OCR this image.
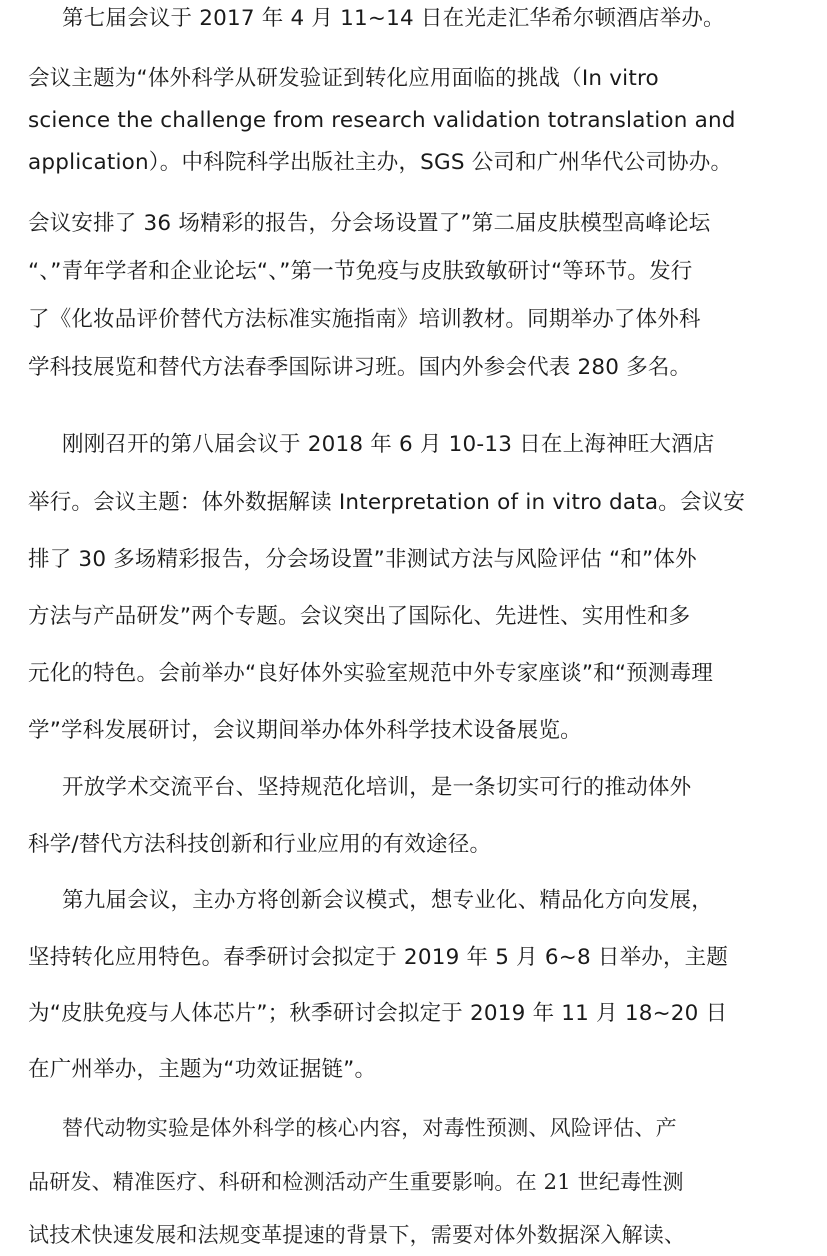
第七届会议于 2017 年 4 月 11~14 日在光走汇华希尔顿酒店举办。
会议主题为“体外科学从研发验证到转化应用面临的挑战（In vitro
science the challenge from research validation totranslation and
application）。中科院科学出版社主办，SGS 公司和广州华代公司协办。
会议安排了 36 场精彩的报告，分会场设置了”第二届皮肤模型高峰论坛
“、”青年学者和企业论坛“、”第一节免疫与皮肤致敏研讨“等环节。发行
了《化妆品评价替代方法标准实施指南》培训教材。同期举办了体外科
学科技展览和替代方法春季国际讲习班。国内外参会代表 280 多名。
刚刚召开的第八届会议于 2018 年 6 月 10-13 日在上海神旺大酒店
举行。会议主题：体外数据解读 Interpretation of in vitro data。会议安
排了 30 多场精彩报告，分会场设置”非测试方法与风险评估 “和”体外
方法与产品研发”两个专题。会议突出了国际化、先进性、实用性和多
元化的特色。会前举办“良好体外实验室规范中外专家座谈”和“预测毒理
学”学科发展研讨，会议期间举办体外科学技术设备展览。
开放学术交流平台、坚持规范化培训，是一条切实可行的推动体外
科学/替代方法科技创新和行业应用的有效途径。
第九届会议，主办方将创新会议模式，想专业化、精品化方向发展，
坚持转化应用特色。春季研讨会拟定于 2019 年 5 月 6~8 日举办，主题
为“皮肤免疫与人体芯片”；秋季研讨会拟定于 2019 年 11 月 18~20 日
在广州举办，主题为“功效证据链”。
替代动物实验是体外科学的核心内容，对毒性预测、风险评估、产
品研发、精准医疗、科研和检测活动产生重要影响。在 21 世纪毒性测
试技术快速发展和法规变革提速的背景下，需要对体外数据深入解读、
